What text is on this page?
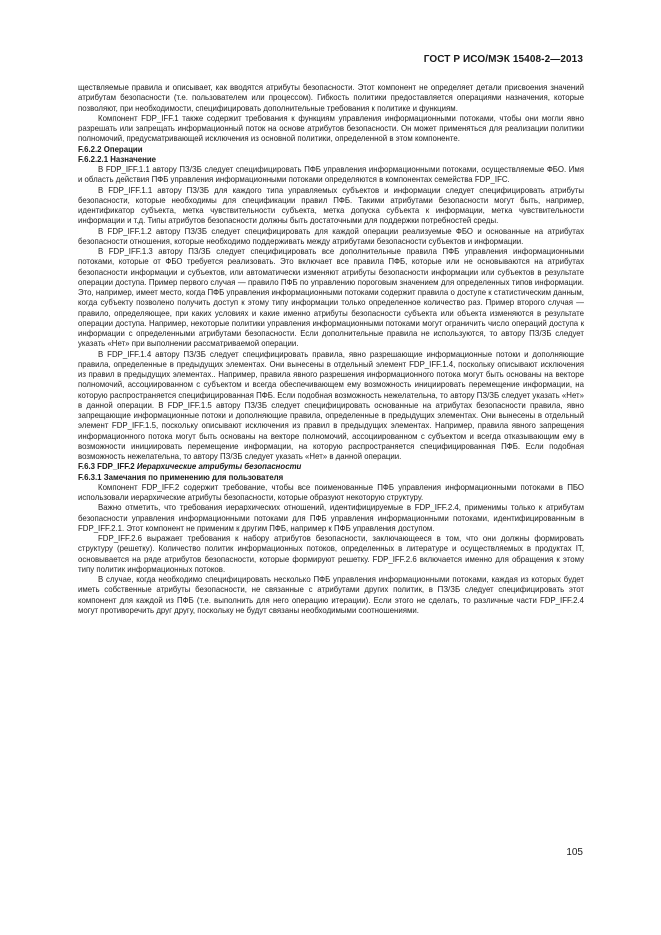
ГОСТ Р ИСО/МЭК 15408-2—2013

ществляемые правила и описывает, как вводятся атрибуты безопасности. Этот компонент не определяет детали присвоения значений атрибутам безопасности (т.е. пользователем или процессом). Гибкость политики предоставляется операциями назначения, которые позволяют, при необходимости, специфицировать дополнительные требования к политике и функциям.

Компонент FDP_IFF.1 также содержит требования к функциям управления информационными потоками, чтобы они могли явно разрешать или запрещать информационный поток на основе атрибутов безопасности. Он может применяться для реализации политики полномочий, предусматривающей исключения из основной политики, определенной в этом компоненте.

F.6.2.2 Операции

F.6.2.2.1 Назначение

В FDP_IFF.1.1 автору ПЗ/ЗБ следует специфицировать ПФБ управления информационными потоками, осуществляемые ФБО. Имя и область действия ПФБ управления информационными потоками определяются в компонентах семейства FDP_IFC.

В FDP_IFF.1.1 автору ПЗ/ЗБ для каждого типа управляемых субъектов и информации следует специфицировать атрибуты безопасности, которые необходимы для спецификации правил ПФБ. Такими атрибутами безопасности могут быть, например, идентификатор субъекта, метка чувствительности субъекта, метка допуска субъекта к информации, метка чувствительности информации и т.д. Типы атрибутов безопасности должны быть достаточными для поддержки потребностей среды.

В FDP_IFF.1.2 автору ПЗ/ЗБ следует специфицировать для каждой операции реализуемые ФБО и основанные на атрибутах безопасности отношения, которые необходимо поддерживать между атрибутами безопасности субъектов и информации.

В FDP_IFF.1.3 автору ПЗ/ЗБ следует специфицировать все дополнительные правила ПФБ управления информационными потоками, которые от ФБО требуется реализовать. Это включает все правила ПФБ, которые или не основываются на атрибутах безопасности информации и субъектов, или автоматически изменяют атрибуты безопасности информации или субъектов в результате операции доступа. Пример первого случая — правило ПФБ по управлению пороговым значением для определенных типов информации. Это, например, имеет место, когда ПФБ управления информационными потоками содержит правила о доступе к статистическим данным, когда субъекту позволено получить доступ к этому типу информации только определенное количество раз. Пример второго случая — правило, определяющее, при каких условиях и какие именно атрибуты безопасности субъекта или объекта изменяются в результате операции доступа. Например, некоторые политики управления информационными потоками могут ограничить число операций доступа к информации с определенными атрибутами безопасности. Если дополнительные правила не используются, то автору ПЗ/ЗБ следует указать «Нет» при выполнении рассматриваемой операции.

В FDP_IFF.1.4 автору ПЗ/ЗБ следует специфицировать правила, явно разрешающие информационные потоки и дополняющие правила, определенные в предыдущих элементах. Они вынесены в отдельный элемент FDP_IFF.1.4, поскольку описывают исключения из правил в предыдущих элементах.. Например, правила явного разрешения информационного потока могут быть основаны на векторе полномочий, ассоциированном с субъектом и всегда обеспечивающем ему возможность инициировать перемещение информации, на которую распространяется специфицированная ПФБ. Если подобная возможность нежелательна, то автору ПЗ/ЗБ следует указать «Нет» в данной операции. В FDP_IFF.1.5 автору ПЗ/ЗБ следует специфицировать основанные на атрибутах безопасности правила, явно запрещающие информационные потоки и дополняющие правила, определенные в предыдущих элементах. Они вынесены в отдельный элемент FDP_IFF.1.5, поскольку описывают исключения из правил в предыдущих элементах. Например, правила явного запрещения информационного потока могут быть основаны на векторе полномочий, ассоциированном с субъектом и всегда отказывающим ему в возможности инициировать перемещение информации, на которую распространяется специфицированная ПФБ. Если подобная возможность нежелательна, то автору ПЗ/ЗБ следует указать «Нет» в данной операции.

F.6.3 FDP_IFF.2 Иерархические атрибуты безопасности

F.6.3.1 Замечания по применению для пользователя

Компонент FDP_IFF.2 содержит требование, чтобы все поименованные ПФБ управления информационными потоками в ПБО использовали иерархические атрибуты безопасности, которые образуют некоторую структуру.

Важно отметить, что требования иерархических отношений, идентифицируемые в FDP_IFF.2.4, применимы только к атрибутам безопасности управления информационными потоками для ПФБ управления информационными потоками, идентифицированным в FDP_IFF.2.1. Этот компонент не применим к другим ПФБ, например к ПФБ управления доступом.

FDP_IFF.2.6 выражает требования к набору атрибутов безопасности, заключающееся в том, что они должны формировать структуру (решетку). Количество политик информационных потоков, определенных в литературе и осуществляемых в продуктах IT, основывается на ряде атрибутов безопасности, которые формируют решетку. FDP_IFF.2.6 включается именно для обращения к этому типу политик информационных потоков.

В случае, когда необходимо специфицировать несколько ПФБ управления информационными потоками, каждая из которых будет иметь собственные атрибуты безопасности, не связанные с атрибутами других политик, в ПЗ/ЗБ следует специфицировать этот компонент для каждой из ПФБ (т.е. выполнить для него операцию итерации). Если этого не сделать, то различные части FDP_IFF.2.4 могут противоречить друг другу, поскольку не будут связаны необходимыми соотношениями.

105
